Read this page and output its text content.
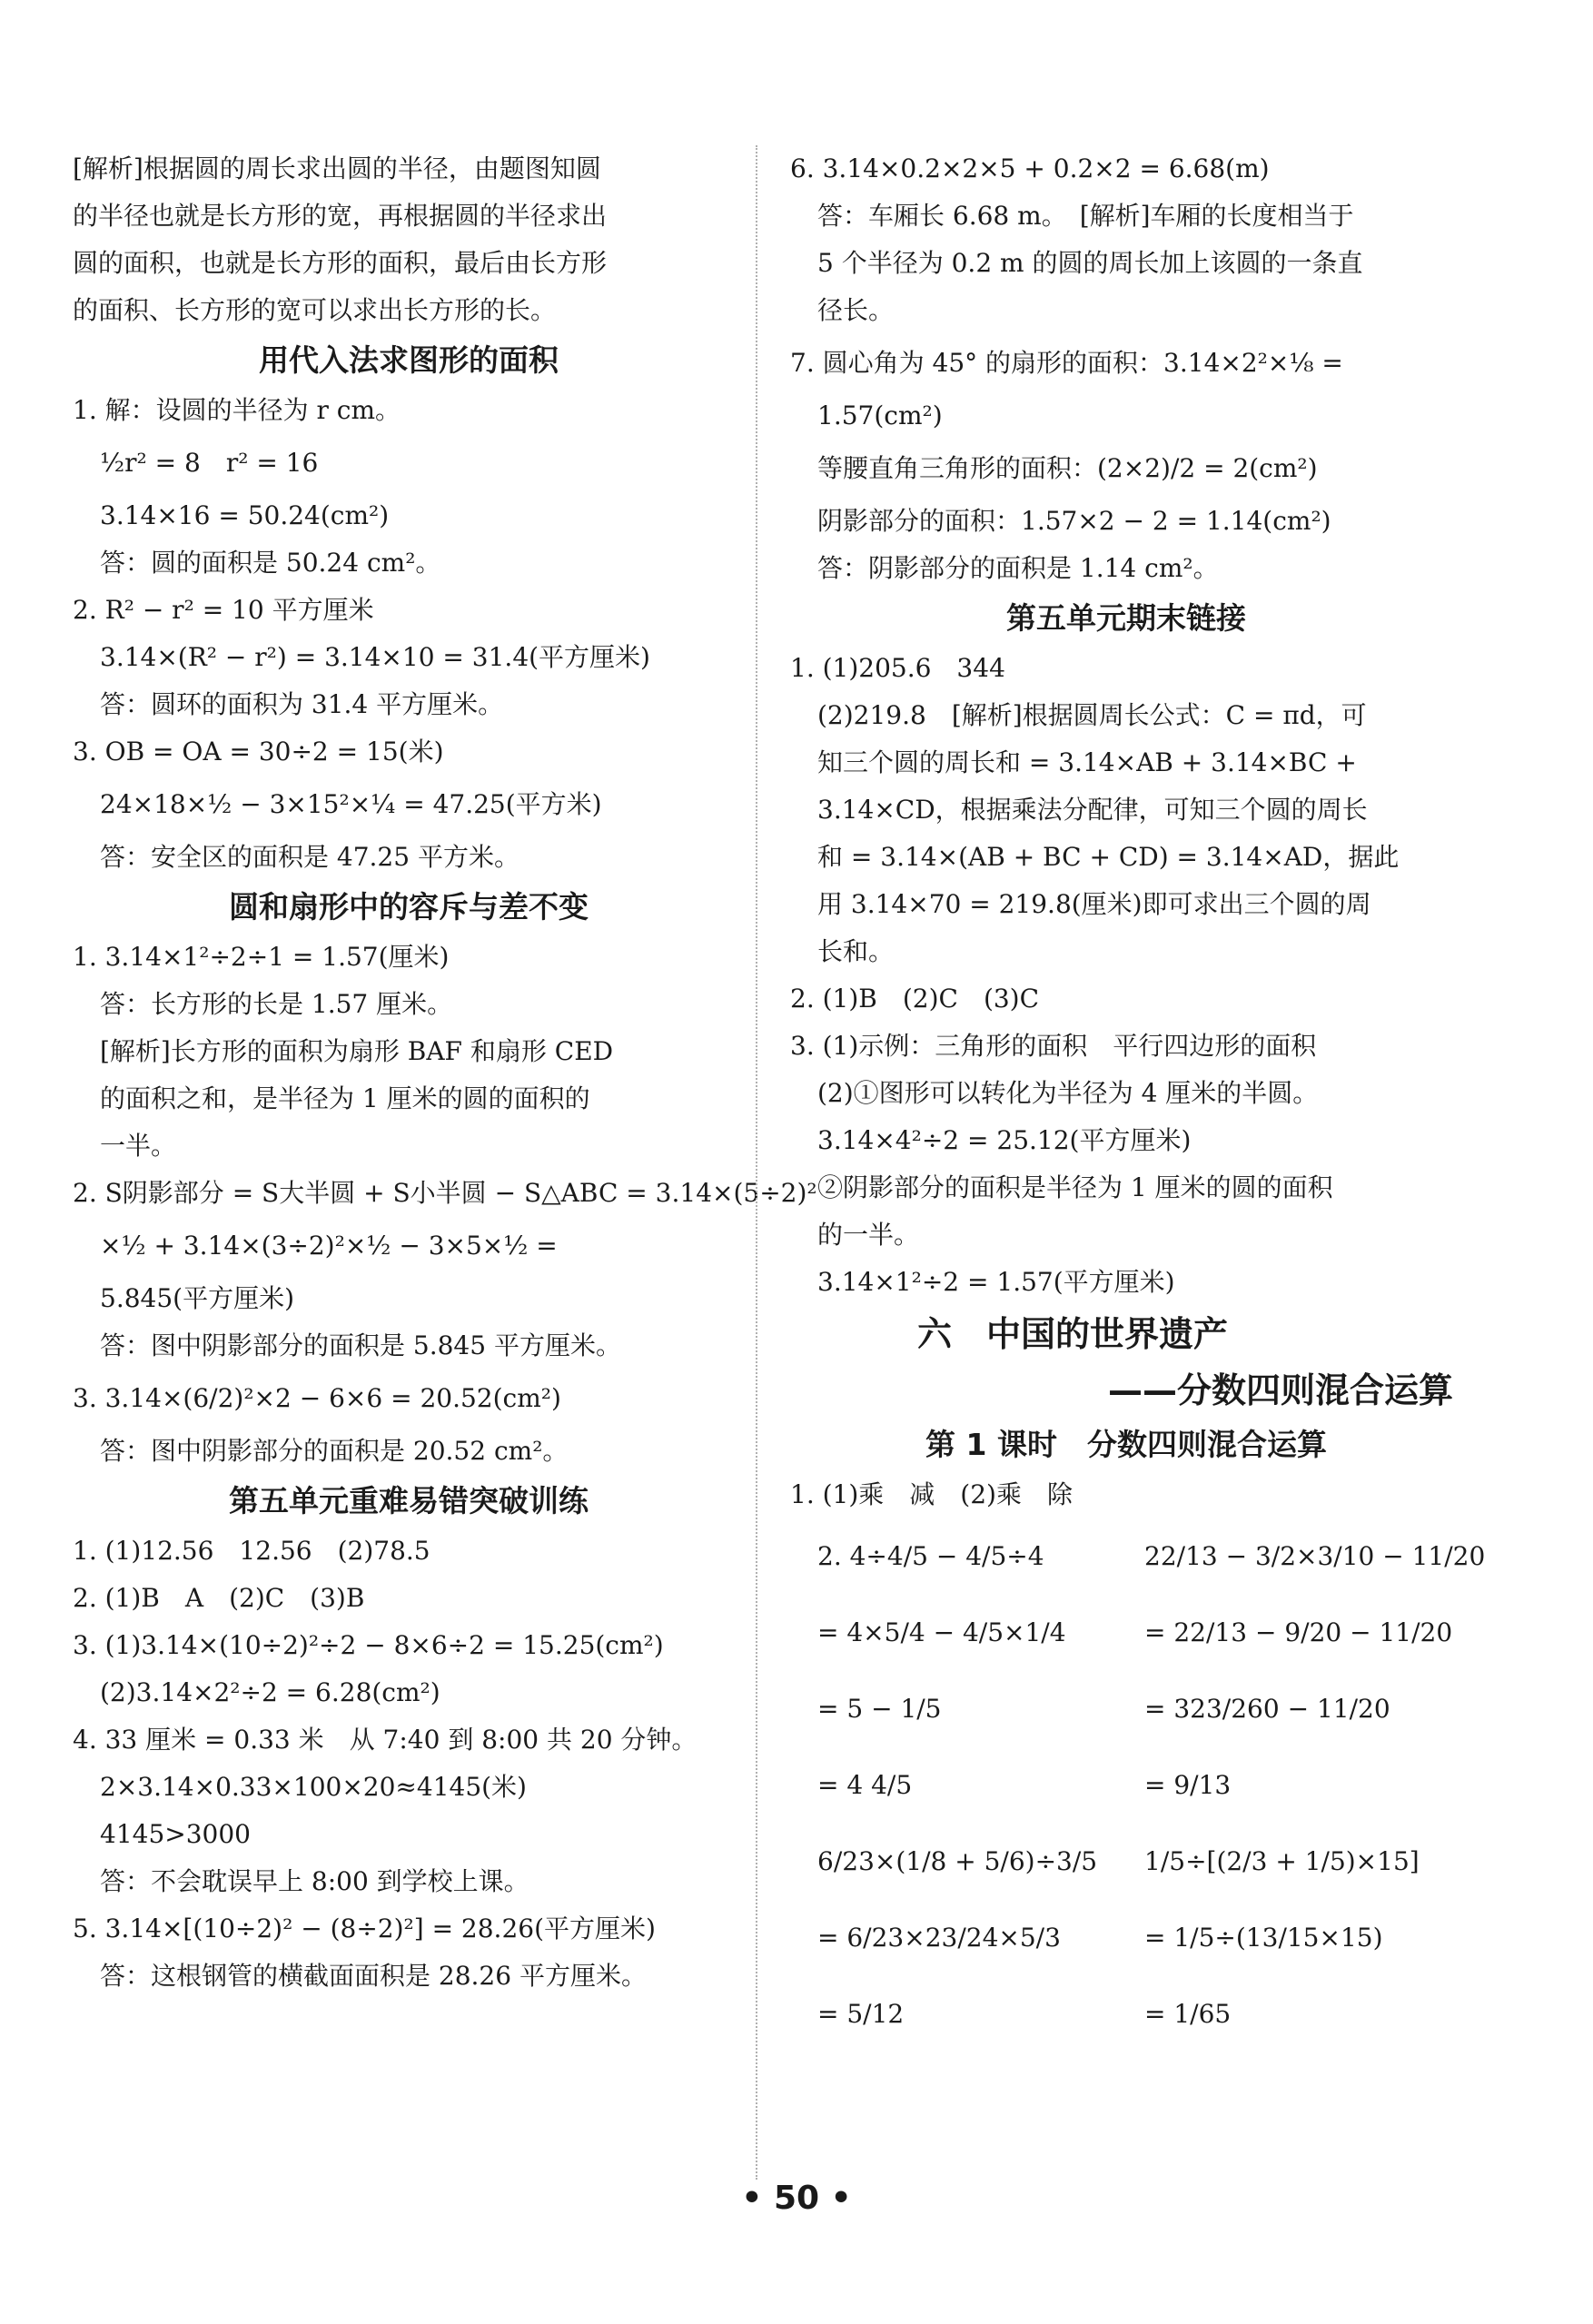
[解析]根据圆的周长求出圆的半径，由题图知圆
的半径也就是长方形的宽，再根据圆的半径求出
圆的面积，也就是长方形的面积，最后由长方形
的面积、长方形的宽可以求出长方形的长。
用代入法求图形的面积
1. 解：设圆的半径为 r cm。
½r² = 8　r² = 16
3.14×16 = 50.24(cm²)
答：圆的面积是 50.24 cm²。
2. R² − r² = 10 平方厘米
3.14×(R² − r²) = 3.14×10 = 31.4(平方厘米)
答：圆环的面积为 31.4 平方厘米。
3. OB = OA = 30÷2 = 15(米)
24×18×½ − 3×15²×¼ = 47.25(平方米)
答：安全区的面积是 47.25 平方米。
圆和扇形中的容斥与差不变
1. 3.14×1²÷2÷1 = 1.57(厘米)
答：长方形的长是 1.57 厘米。
[解析]长方形的面积为扇形 BAF 和扇形 CED
的面积之和，是半径为 1 厘米的圆的面积的
一半。
2. S阴影部分 = S大半圆 + S小半圆 − S△ABC = 3.14×(5÷2)²
×½ + 3.14×(3÷2)²×½ − 3×5×½ =
5.845(平方厘米)
答：图中阴影部分的面积是 5.845 平方厘米。
3. 3.14×(6/2)²×2 − 6×6 = 20.52(cm²)
答：图中阴影部分的面积是 20.52 cm²。
第五单元重难易错突破训练
1. (1)12.56　12.56　(2)78.5
2. (1)B　A　(2)C　(3)B
3. (1)3.14×(10÷2)²÷2 − 8×6÷2 = 15.25(cm²)
(2)3.14×2²÷2 = 6.28(cm²)
4. 33 厘米 = 0.33 米　从 7:40 到 8:00 共 20 分钟。
2×3.14×0.33×100×20≈4145(米)
4145>3000
答：不会耽误早上 8:00 到学校上课。
5. 3.14×[(10÷2)² − (8÷2)²] = 28.26(平方厘米)
答：这根钢管的横截面面积是 28.26 平方厘米。
6. 3.14×0.2×2×5 + 0.2×2 = 6.68(m)
答：车厢长 6.68 m。　[解析]车厢的长度相当于
5 个半径为 0.2 m 的圆的周长加上该圆的一条直
径长。
7. 圆心角为 45° 的扇形的面积：3.14×2²×⅛ =
1.57(cm²)
等腰直角三角形的面积：(2×2)/2 = 2(cm²)
阴影部分的面积：1.57×2 − 2 = 1.14(cm²)
答：阴影部分的面积是 1.14 cm²。
第五单元期末链接
1. (1)205.6　344
(2)219.8　[解析]根据圆周长公式：C = πd，可
知三个圆的周长和 = 3.14×AB + 3.14×BC +
3.14×CD，根据乘法分配律，可知三个圆的周长
和 = 3.14×(AB + BC + CD) = 3.14×AD，据此
用 3.14×70 = 219.8(厘米)即可求出三个圆的周
长和。
2. (1)B　(2)C　(3)C
3. (1)示例：三角形的面积　平行四边形的面积
(2)①图形可以转化为半径为 4 厘米的半圆。
3.14×4²÷2 = 25.12(平方厘米)
②阴影部分的面积是半径为 1 厘米的圆的面积
的一半。
3.14×1²÷2 = 1.57(平方厘米)
六　中国的世界遗产
——分数四则混合运算
第 1 课时　分数四则混合运算
1. (1)乘　减　(2)乘　除
2. 4÷4/5 − 4/5÷4	22/13 − 3/2×3/10 − 11/20
= 4×5/4 − 4/5×1/4	= 22/13 − 9/20 − 11/20
= 5 − 1/5	= 323/260 − 11/20
= 4 4/5	= 9/13
6/23×(1/8 + 5/6)÷3/5 1/5÷[(2/3 + 1/5)×15]
= 6/23×23/24×5/3	= 1/5÷(13/15×15)
= 5/12	= 1/65
• 50 •
